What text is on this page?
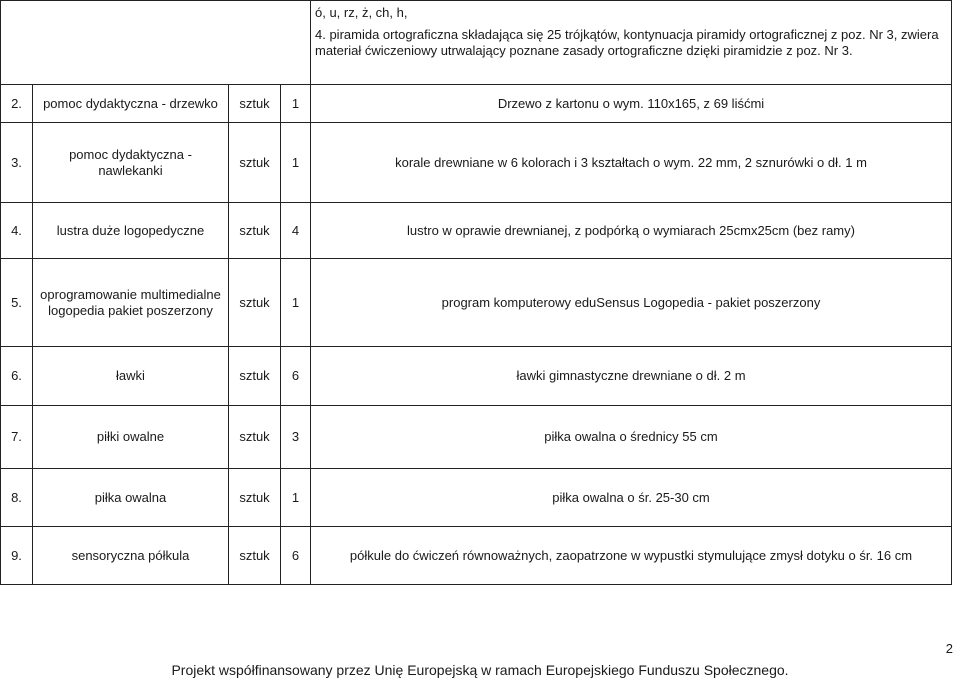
				ó, u, rz, ż, ch, h,
4. piramida ortograficzna składająca się 25 trójkątów, kontynuacja piramidy ortograficznej z poz. Nr 3, zwiera materiał ćwiczeniowy utrwalający poznane zasady ortograficzne dzięki piramidzie z poz. Nr 3.
2.	pomoc dydaktyczna - drzewko	sztuk	1	Drzewo z kartonu o wym. 110x165, z 69 liśćmi
3.	pomoc dydaktyczna - nawlekanki	sztuk	1	korale drewniane w 6 kolorach i 3 kształtach o wym. 22 mm, 2 sznurówki o dł. 1 m
4.	lustra duże logopedyczne	sztuk	4	lustro w oprawie drewnianej, z podpórką o wymiarach 25cmx25cm (bez ramy)
5.	oprogramowanie multimedialne logopedia pakiet poszerzony	sztuk	1	program komputerowy eduSensus Logopedia - pakiet poszerzony
6.	ławki	sztuk	6	ławki gimnastyczne drewniane o dł. 2 m
7.	piłki owalne	sztuk	3	piłka owalna o średnicy 55 cm
8.	piłka owalna	sztuk	1	piłka owalna o śr. 25-30 cm
9.	sensoryczna półkula	sztuk	6	półkule do ćwiczeń równoważnych, zaopatrzone w wypustki stymulujące zmysł dotyku o śr. 16 cm
2
Projekt współfinansowany przez Unię Europejską w ramach Europejskiego Funduszu Społecznego.
